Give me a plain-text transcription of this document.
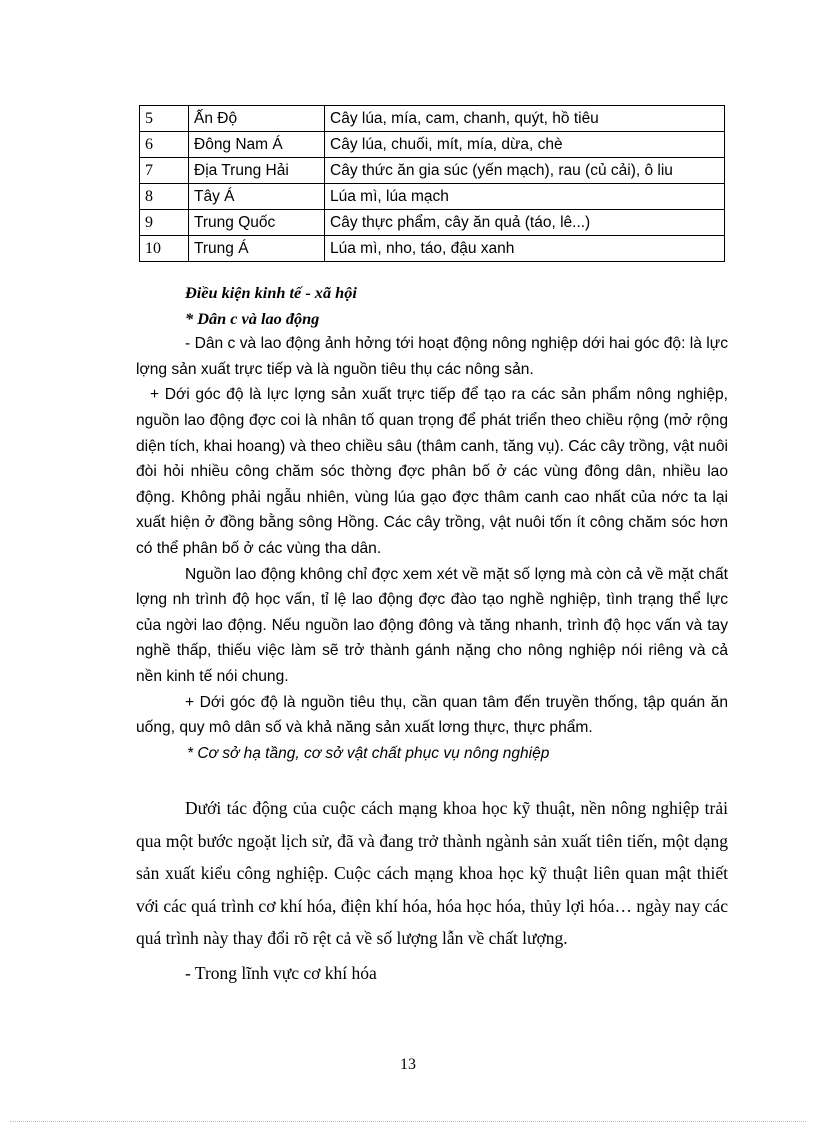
5	Ấn Độ	Cây lúa, mía, cam, chanh, quýt, hồ tiêu
6	Đông Nam Á	Cây lúa, chuối, mít, mía, dừa, chè
7	Địa Trung Hải	Cây thức ăn gia súc (yến mạch), rau (củ cải), ô liu
8	Tây Á	Lúa mì, lúa mạch
9	Trung Quốc	Cây thực phẩm, cây ăn quả (táo, lê...)
10	Trung Á	Lúa mì, nho, táo, đậu xanh

Điều kiện kinh tế - xã hội

* Dân c và lao động

- Dân c và lao động ảnh hởng tới hoạt động nông nghiệp dới hai góc độ: là lực lợng sản xuất trực tiếp và là nguồn tiêu thụ các nông sản.

+ Dới góc độ là lực lợng sản xuất trực tiếp để tạo ra các sản phẩm nông nghiệp, nguồn lao động đợc coi là nhân tố quan trọng để phát triển theo chiều rộng (mở rộng diện tích, khai hoang) và theo chiều sâu (thâm canh, tăng vụ). Các cây trồng, vật nuôi đòi hỏi nhiều công chăm sóc thờng đợc phân bố ở các vùng đông dân, nhiều lao động. Không phải ngẫu nhiên, vùng lúa gạo đợc thâm canh cao nhất của nớc ta lại xuất hiện ở đồng bằng sông Hồng. Các cây trồng, vật nuôi tốn ít công chăm sóc hơn có thể phân bố ở các vùng tha dân.

Nguồn lao động không chỉ đợc xem xét về mặt số lợng mà còn cả về mặt chất lợng nh trình độ học vấn, tỉ lệ lao động đợc đào tạo nghề nghiệp, tình trạng thể lực của ngời lao động. Nếu nguồn lao động đông và tăng nhanh, trình độ học vấn và tay nghề thấp, thiếu việc làm sẽ trở thành gánh nặng cho nông nghiệp nói riêng và cả nền kinh tế nói chung.

+ Dới góc độ là nguồn tiêu thụ, cần quan tâm đến truyền thống, tập quán ăn uống, quy mô dân số và khả năng sản xuất lơng thực, thực phẩm.

* Cơ sở hạ tầng, cơ sở vật chất phục vụ nông nghiệp

Dưới tác động của cuộc cách mạng khoa học kỹ thuật, nền nông nghiệp trải qua một bước ngoặt lịch sử, đã và đang trở thành ngành sản xuất tiên tiến, một dạng sản xuất kiểu công nghiệp. Cuộc cách mạng khoa học kỹ thuật liên quan mật thiết với các quá trình cơ khí hóa, điện khí hóa, hóa học hóa, thủy lợi hóa… ngày nay các quá trình này thay đổi rõ rệt cả về số lượng lẫn về chất lượng.

- Trong lĩnh vực cơ khí hóa

13
